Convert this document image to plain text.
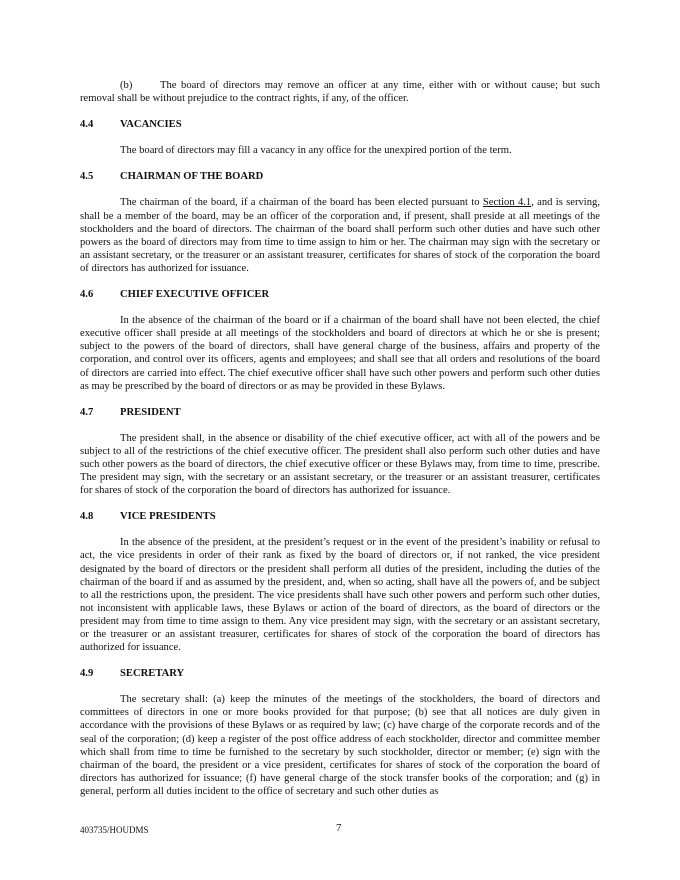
(b)	The board of directors may remove an officer at any time, either with or without cause; but such removal shall be without prejudice to the contract rights, if any, of the officer.

4.4	VACANCIES

The board of directors may fill a vacancy in any office for the unexpired portion of the term.

4.5	CHAIRMAN OF THE BOARD

The chairman of the board, if a chairman of the board has been elected pursuant to Section 4.1, and is serving, shall be a member of the board, may be an officer of the corporation and, if present, shall preside at all meetings of the stockholders and the board of directors. The chairman of the board shall perform such other duties and have such other powers as the board of directors may from time to time assign to him or her. The chairman may sign with the secretary or an assistant secretary, or the treasurer or an assistant treasurer, certificates for shares of stock of the corporation the board of directors has authorized for issuance.

4.6	CHIEF EXECUTIVE OFFICER

In the absence of the chairman of the board or if a chairman of the board shall have not been elected, the chief executive officer shall preside at all meetings of the stockholders and board of directors at which he or she is present; subject to the powers of the board of directors, shall have general charge of the business, affairs and property of the corporation, and control over its officers, agents and employees; and shall see that all orders and resolutions of the board of directors are carried into effect. The chief executive officer shall have such other powers and perform such other duties as may be prescribed by the board of directors or as may be provided in these Bylaws.

4.7	PRESIDENT

The president shall, in the absence or disability of the chief executive officer, act with all of the powers and be subject to all of the restrictions of the chief executive officer. The president shall also perform such other duties and have such other powers as the board of directors, the chief executive officer or these Bylaws may, from time to time, prescribe. The president may sign, with the secretary or an assistant secretary, or the treasurer or an assistant treasurer, certificates for shares of stock of the corporation the board of directors has authorized for issuance.

4.8	VICE PRESIDENTS

In the absence of the president, at the president’s request or in the event of the president’s inability or refusal to act, the vice presidents in order of their rank as fixed by the board of directors or, if not ranked, the vice president designated by the board of directors or the president shall perform all duties of the president, including the duties of the chairman of the board if and as assumed by the president, and, when so acting, shall have all the powers of, and be subject to all the restrictions upon, the president. The vice presidents shall have such other powers and perform such other duties, not inconsistent with applicable laws, these Bylaws or action of the board of directors, as the board of directors or the president may from time to time assign to them. Any vice president may sign, with the secretary or an assistant secretary, or the treasurer or an assistant treasurer, certificates for shares of stock of the corporation the board of directors has authorized for issuance.

4.9	SECRETARY

The secretary shall: (a) keep the minutes of the meetings of the stockholders, the board of directors and committees of directors in one or more books provided for that purpose; (b) see that all notices are duly given in accordance with the provisions of these Bylaws or as required by law; (c) have charge of the corporate records and of the seal of the corporation; (d) keep a register of the post office address of each stockholder, director and committee member which shall from time to time be furnished to the secretary by such stockholder, director or member; (e) sign with the chairman of the board, the president or a vice president, certificates for shares of stock of the corporation the board of directors has authorized for issuance; (f) have general charge of the stock transfer books of the corporation; and (g) in general, perform all duties incident to the office of secretary and such other duties as

403735/HOUDMS	7
